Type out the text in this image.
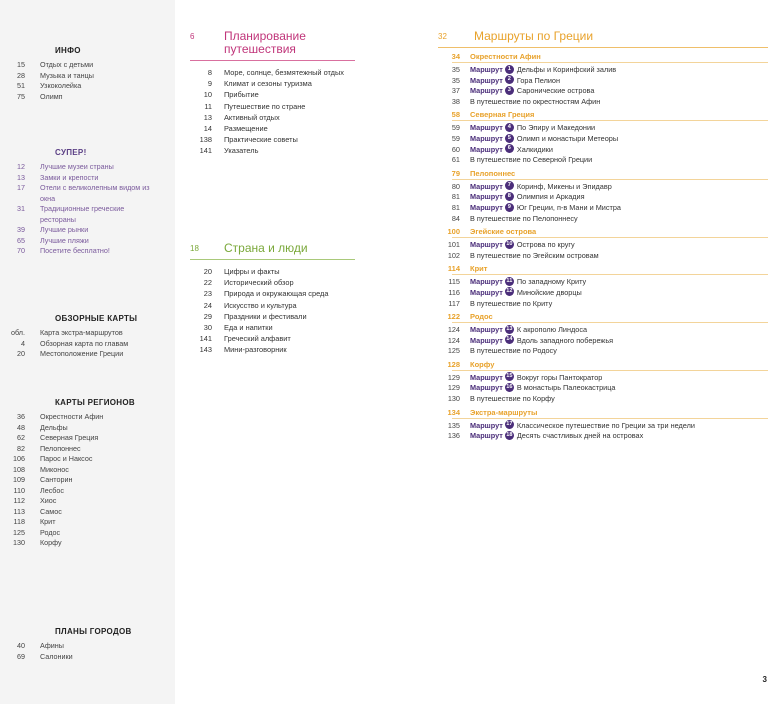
ИНФО
15	Отдых с детьми
28	Музыка и танцы
51	Узкоколейка
75	Олимп
СУПЕР!
12	Лучшие музеи страны
13	Замки и крепости
17	Отели с великолепным видом из окна
31	Традиционные греческие рестораны
39	Лучшие рынки
65	Лучшие пляжи
70	Посетите бесплатно!
ОБЗОРНЫЕ КАРТЫ
обл.	Карта экстра-маршрутов
4	Обзорная карта по главам
20	Местоположение Греции
КАРТЫ РЕГИОНОВ
36	Окрестности Афин
48	Дельфы
62	Северная Греция
82	Пелопоннес
106	Парос и Наксос
108	Миконос
109	Санторин
110	Лесбос
112	Хиос
113	Самос
118	Крит
125	Родос
130	Корфу
ПЛАНЫ ГОРОДОВ
40	Афины
69	Салоники
6	Планирование
путешествия
8	Море, солнце, безмятежный отдых
9	Климат и сезоны туризма
10	Прибытие
11	Путешествие по стране
13	Активный отдых
14	Размещение
138	Практические советы
141	Указатель
18	Страна и люди
20	Цифры и факты
22	Исторический обзор
23	Природа и окружающая среда
24	Искусство и культура
29	Праздники и фестивали
30	Еда и напитки
141	Греческий алфавит
143	Мини-разговорник
32	Маршруты по Греции
34	Окрестности Афин
35	Маршрут 1 Дельфы и Коринфский залив
35	Маршрут 2 Гора Пелион
37	Маршрут 3 Саронические острова
38	В путешествие по окрестностям Афин
58	Северная Греция
59	Маршрут 4 По Эпиру и Македонии
59	Маршрут 5 Олимп и монастыри Метеоры
60	Маршрут 6 Халкидики
61	В путешествие по Северной Греции
79	Пелопоннес
80	Маршрут 7 Коринф, Микены и Эпидавр
81	Маршрут 8 Олимпия и Аркадия
81	Маршрут 9 Юг Греции, п-в Мани и Мистра
84	В путешествие по Пелопоннесу
100	Эгейские острова
101	Маршрут 10 Острова по кругу
102	В путешествие по Эгейским островам
114	Крит
115	Маршрут 11 По западному Криту
116	Маршрут 12 Минойские дворцы
117	В путешествие по Криту
122	Родос
124	Маршрут 13 К акрополю Линдоса
124	Маршрут 14 Вдоль западного побережья
125	В путешествие по Родосу
128	Корфу
129	Маршрут 15 Вокруг горы Пантократор
129	Маршрут 16 В монастырь Палеокастрица
130	В путешествие по Корфу
134	Экстра-маршруты
135	Маршрут 17 Классическое путешествие по Греции за три недели
136	Маршрут 18 Десять счастливых дней на островах
3
